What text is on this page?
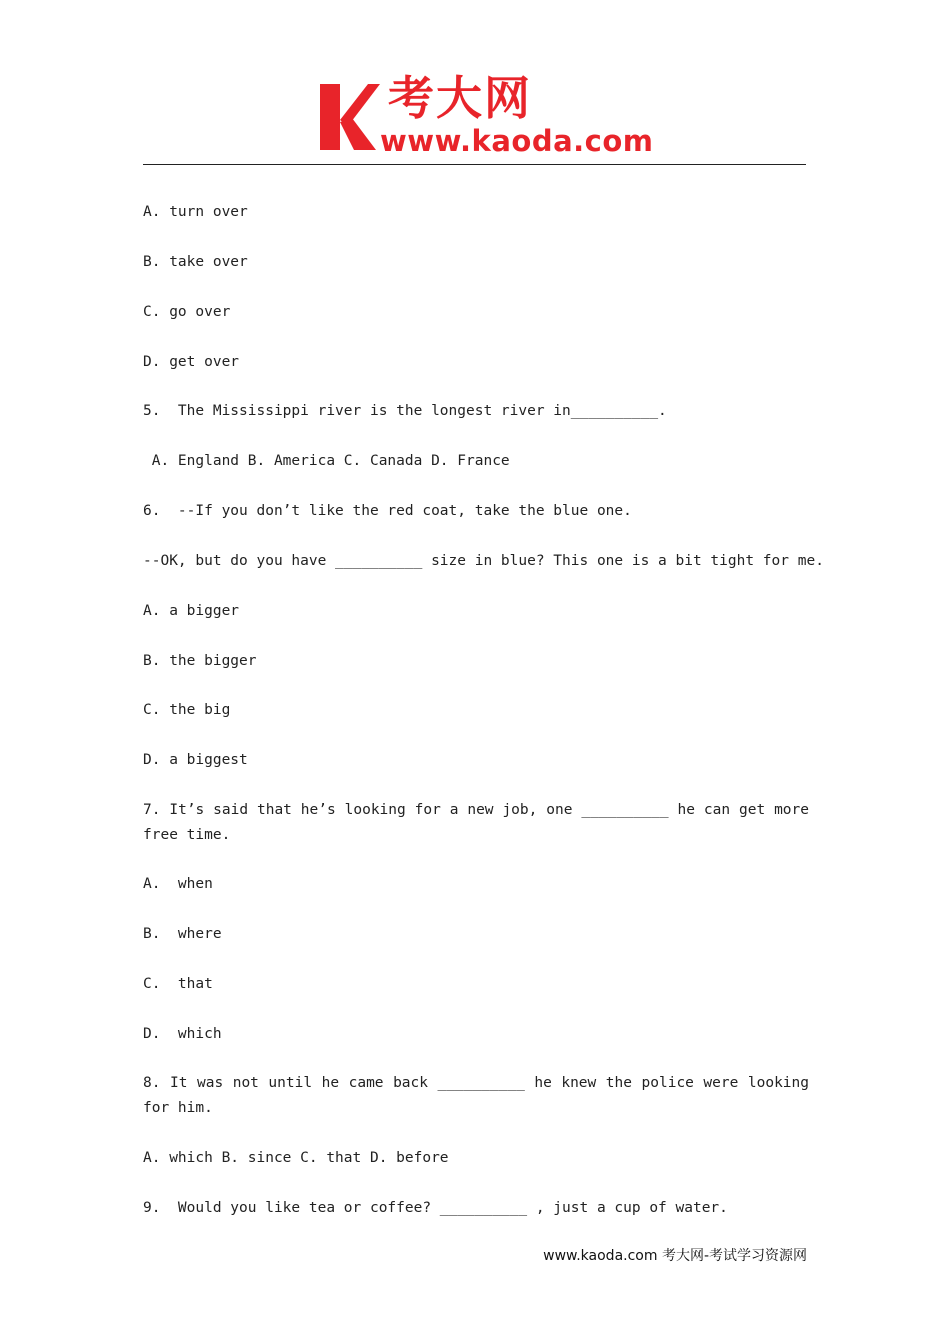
考大网
www.kaoda.com
A. turn over
B. take over
C. go over
D. get over
5.  The Mississippi river is the longest river in__________.
A. England B. America C. Canada D. France
6.  --If you don’t like the red coat, take the blue one.
--OK, but do you have __________ size in blue? This one is a bit tight for me.
A. a bigger
B. the bigger
C. the big
D. a biggest
7. It’s said that he’s looking for a new job, one __________ he can get more free time.
A.  when
B.  where
C.  that
D.  which
8. It was not until he came back __________ he knew the police were looking for him.
A. which B. since C. that D. before
9.  Would you like tea or coffee? __________ , just a cup of water.
www.kaoda.com 考大网-考试学习资源网
